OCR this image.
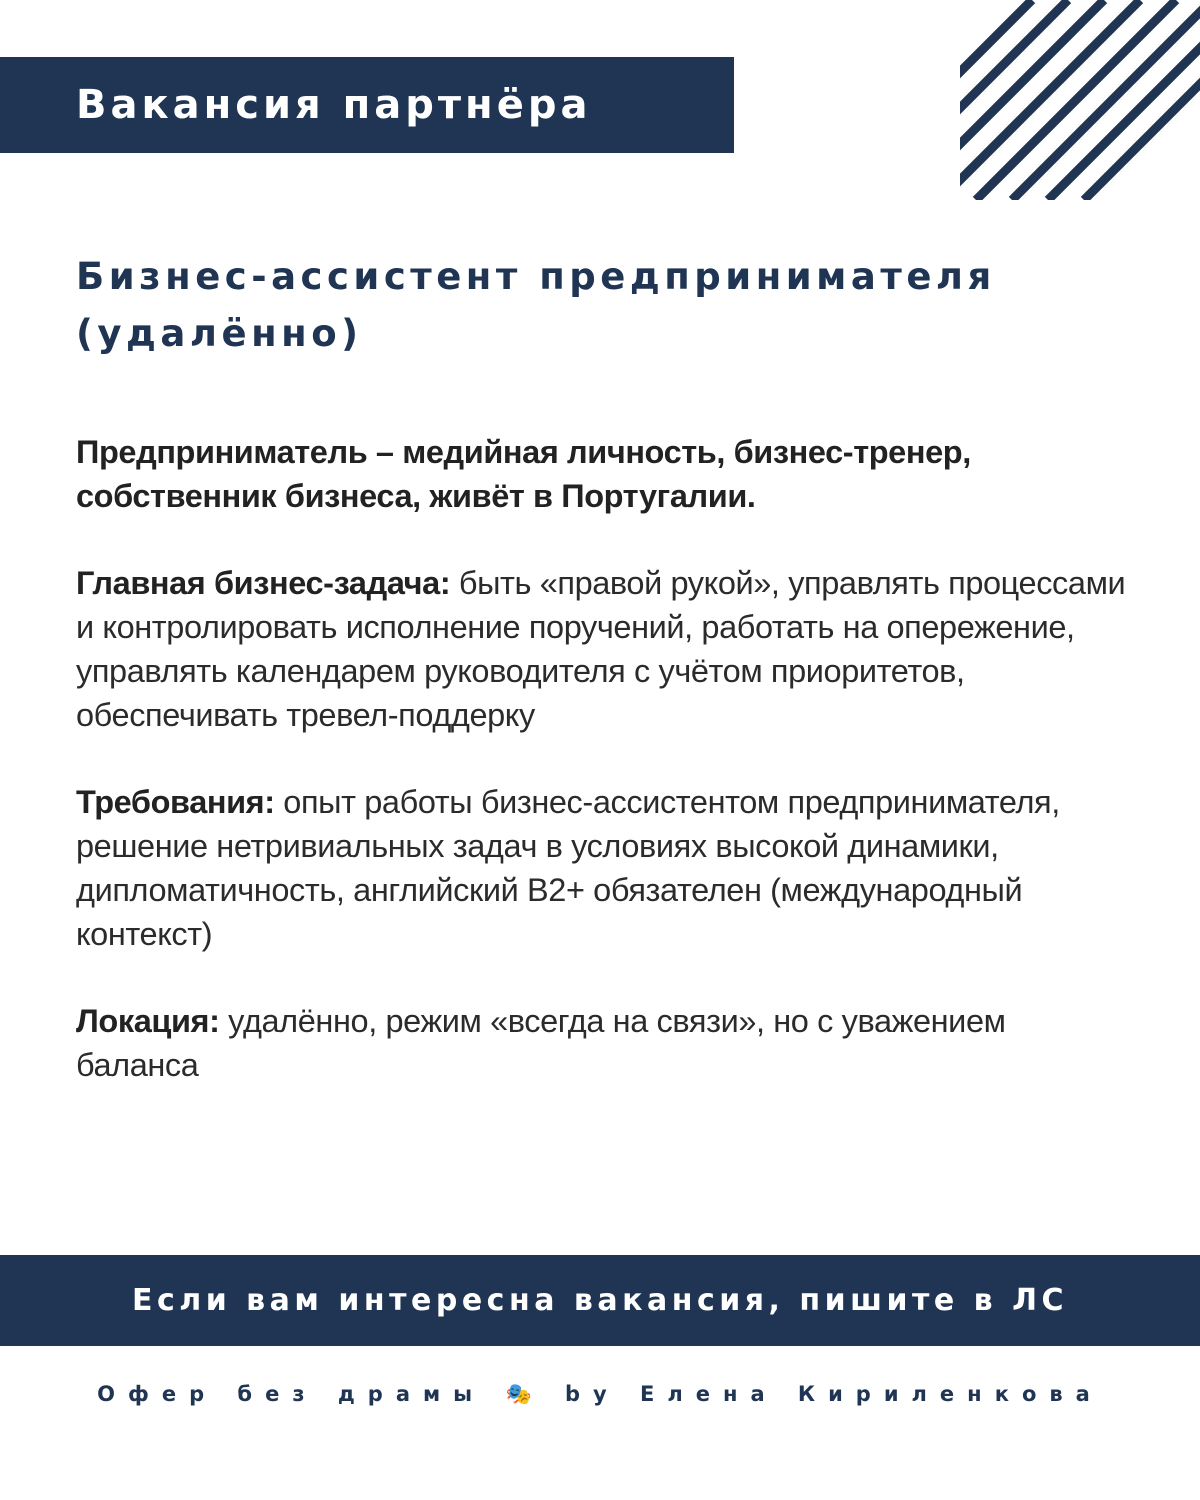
Вакансия партнёра
Бизнес-ассистент предпринимателя
(удалённо)

Предприниматель – медийная личность, бизнес-тренер, собственник бизнеса, живёт в Португалии.

Главная бизнес-задача: быть «правой рукой», управлять процессами и контролировать исполнение поручений, работать на опережение, управлять календарем руководителя с учётом приоритетов, обеспечивать тревел-поддерку

Требования: опыт работы бизнес-ассистентом предпринимателя, решение нетривиальных задач в условиях высокой динамики, дипломатичность, английский B2+ обязателен (международный контекст)

Локация: удалённо, режим «всегда на связи», но с уважением баланса

Если вам интересна вакансия, пишите в ЛС
Офер без драмы 🎭 by Елена Кириленкова
